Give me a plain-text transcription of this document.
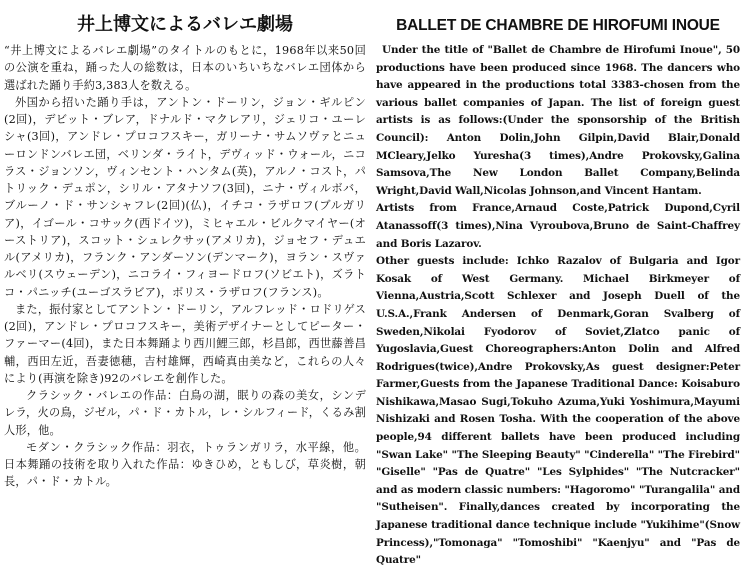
井上博文によるバレエ劇場

“井上博文によるバレエ劇場”のタイトルのもとに，1968年以来50回の公演を重ね，踊った人の総数は，日本のいちいちなバレエ団体から選ばれた踊り手約3,383人を数える。

外国から招いた踊り手は，アントン・ドーリン，ジョン・ギルピン(2回)，デビット・ブレア，ドナルド・マクレアリ，ジェリコ・ユーレシャ(3回)，アンドレ・プロコフスキー，ガリーナ・サムソヴァとニューロンドンバレエ団，ベリンダ・ライト，デヴィッド・ウォール，ニコラス・ジョンソン，ヴィンセント・ハンタム(英)，アルノ・コスト，パトリック・デュポン，シリル・アタナソフ(3回)，ニナ・ヴィルボバ，ブルーノ・ド・サンシャフレ(2回)(仏)，イチコ・ラザロフ(ブルガリア)，イゴール・コサック(西ドイツ)，ミヒャエル・ビルクマイヤー(オーストリア)，スコット・シュレクサッ(アメリカ)，ジョセフ・デュエル(アメリカ)，フランク・アンダーソン(デンマーク)，ヨラン・スヴァルベリ(スウェーデン)，ニコライ・フィヨードロフ(ソビエト)，ズラトコ・パニッチ(ユーゴスラビア)，ボリス・ラザロフ(フランス)。

また，振付家としてアントン・ドーリン，アルフレッド・ロドリゲス(2回)，アンドレ・プロコフスキー，美術デザイナーとしてピーター・ファーマー(4回)，また日本舞踊より西川鯉三郎，杉昌郎，西世藤善昌輔，西田左近，吾妻徳穂，吉村雄輝，西崎真由美など，これらの人々により(再演を除き)92のバレエを創作した。

クラシック・バレエの作品：白鳥の湖，眠りの森の美女，シンデレラ，火の鳥，ジゼル，パ・ド・カトル，レ・シルフィード，くるみ割人形，他。

モダン・クラシック作品：羽衣，トゥランガリラ，水平線，他。日本舞踊の技術を取り入れた作品：ゆきひめ，ともしび，草炎樹，朝長，パ・ド・カトル。

BALLET DE CHAMBRE DE HIROFUMI INOUE

Under the title of "Ballet de Chambre de Hirofumi Inoue", 50 productions have been produced since 1968. The dancers who have appeared in the productions total 3383-chosen from the various ballet companies of Japan. The list of foreign guest artists is as follows:(Under the sponsorship of the British Council): Anton Dolin,John Gilpin,David Blair,Donald MCleary,Jelko Yuresha(3 times),Andre Prokovsky,Galina Samsova,The New London Ballet Company,Belinda Wright,David Wall,Nicolas Johnson,and Vincent Hantam.

Artists from France,Arnaud Coste,Patrick Dupond,Cyril Atanassoff(3 times),Nina Vyroubova,Bruno de Saint-Chaffrey and Boris Lazarov.

Other guests include: Ichko Razalov of Bulgaria and Igor Kosak of West Germany. Michael Birkmeyer of Vienna,Austria,Scott Schlexer and Joseph Duell of the U.S.A.,Frank Andersen of Denmark,Goran Svalberg of Sweden,Nikolai Fyodorov of Soviet,Zlatco panic of Yugoslavia,Guest Choreographers:Anton Dolin and Alfred Rodrigues(twice),Andre Prokovsky,As guest designer:Peter Farmer,Guests from the Japanese Traditional Dance: Koisaburo Nishikawa,Masao Sugi,Tokuho Azuma,Yuki Yoshimura,Mayumi Nishizaki and Rosen Tosha. With the cooperation of the above people,94 different ballets have been produced including "Swan Lake" "The Sleeping Beauty" "Cinderella" "The Firebird" "Giselle" "Pas de Quatre" "Les Sylphides" "The Nutcracker" and as modern classic numbers: "Hagoromo" "Turangalila" and "Sutheisen". Finally,dances created by incorporating the Japanese traditional dance technique include "Yukihime"(Snow Princess),"Tomonaga" "Tomoshibi" "Kaenjyu" and "Pas de Quatre"
